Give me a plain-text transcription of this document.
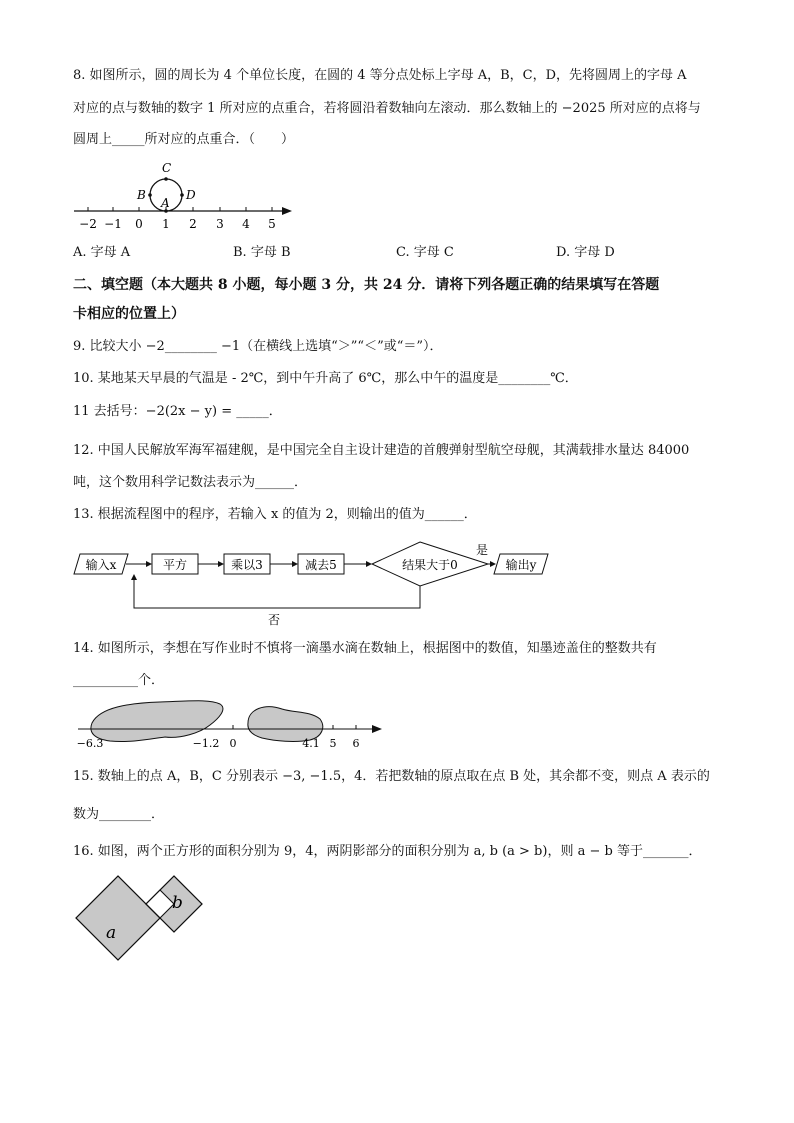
8. 如图所示，圆的周长为 4 个单位长度，在圆的 4 等分点处标上字母 A，B，C，D，先将圆周上的字母 A
对应的点与数轴的数字 1 所对应的点重合，若将圆沿着数轴向左滚动．那么数轴上的 −2025 所对应的点将与
圆周上_____所对应的点重合．（　　）
C
B	D
A
−2 −1 0 1 2 3 4 5
A. 字母 A	B. 字母 B	C. 字母 C	D. 字母 D
二、填空题（本大题共 8 小题，每小题 3 分，共 24 分．请将下列各题正确的结果填写在答题
卡相应的位置上）
9. 比较大小 −2________ −1（在横线上选填“＞”“＜”或“＝”）．
10. 某地某天早晨的气温是 - 2℃，到中午升高了 6℃，那么中午的温度是________℃．
11 去括号：−2(2x − y) = _____．
12. 中国人民解放军海军福建舰，是中国完全自主设计建造的首艘弹射型航空母舰，其满载排水量达 84000
吨，这个数用科学记数法表示为______．
13. 根据流程图中的程序，若输入 x 的值为 2，则输出的值为______．
输入x	平方	乘以3	减去5	结果大于0
是
输出y
否
14. 如图所示，李想在写作业时不慎将一滴墨水滴在数轴上，根据图中的数值，知墨迹盖住的整数共有
__________个．
−6.3	−1.2 0	4.1 5 6
15. 数轴上的点 A，B，C 分别表示 −3, −1.5，4．若把数轴的原点取在点 B 处，其余都不变，则点 A 表示的
数为________．
16. 如图，两个正方形的面积分别为 9，4，两阴影部分的面积分别为 a, b (a > b)，则 a − b 等于_______．
a
b
